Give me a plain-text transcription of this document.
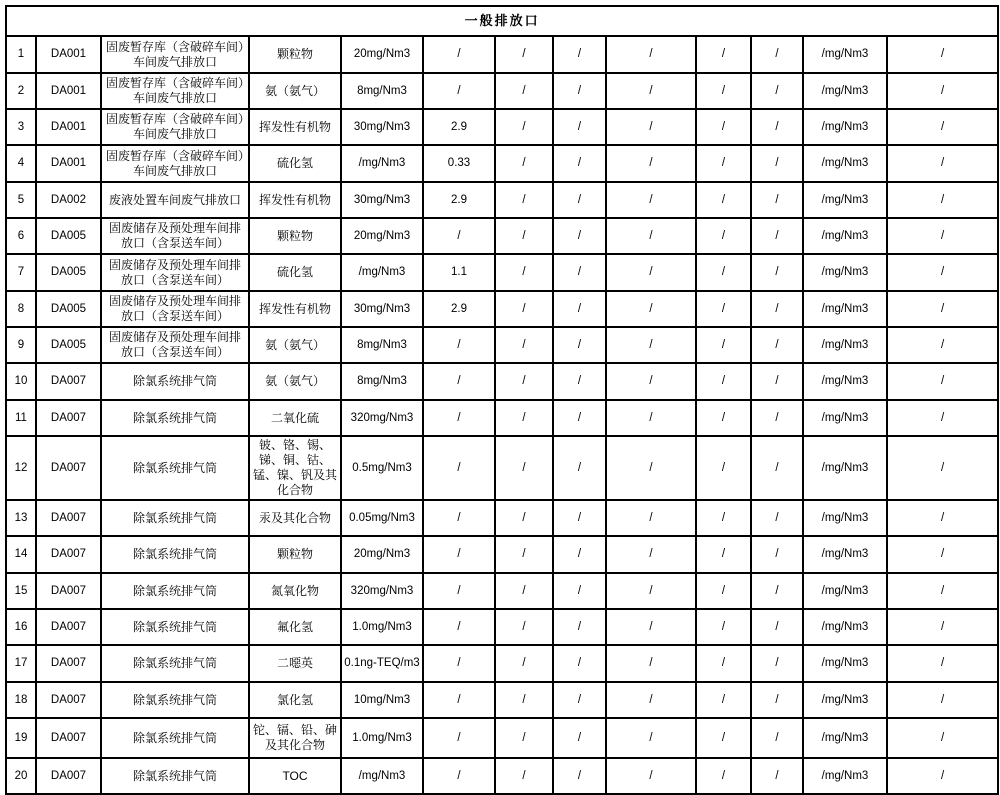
一般排放口												
1	DA001	固废暂存库（含破碎车间）车间废气排放口	颗粒物	20mg/Nm3	/	/	/	/	/	/	/mg/Nm3	/
2	DA001	固废暂存库（含破碎车间）车间废气排放口	氨（氨气）	8mg/Nm3	/	/	/	/	/	/	/mg/Nm3	/
3	DA001	固废暂存库（含破碎车间）车间废气排放口	挥发性有机物	30mg/Nm3	2.9	/	/	/	/	/	/mg/Nm3	/
4	DA001	固废暂存库（含破碎车间）车间废气排放口	硫化氢	/mg/Nm3	0.33	/	/	/	/	/	/mg/Nm3	/
5	DA002	废液处置车间废气排放口	挥发性有机物	30mg/Nm3	2.9	/	/	/	/	/	/mg/Nm3	/
6	DA005	固废储存及预处理车间排放口（含泵送车间）	颗粒物	20mg/Nm3	/	/	/	/	/	/	/mg/Nm3	/
7	DA005	固废储存及预处理车间排放口（含泵送车间）	硫化氢	/mg/Nm3	1.1	/	/	/	/	/	/mg/Nm3	/
8	DA005	固废储存及预处理车间排放口（含泵送车间）	挥发性有机物	30mg/Nm3	2.9	/	/	/	/	/	/mg/Nm3	/
9	DA005	固废储存及预处理车间排放口（含泵送车间）	氨（氨气）	8mg/Nm3	/	/	/	/	/	/	/mg/Nm3	/
10	DA007	除氯系统排气筒	氨（氨气）	8mg/Nm3	/	/	/	/	/	/	/mg/Nm3	/
11	DA007	除氯系统排气筒	二氧化硫	320mg/Nm3	/	/	/	/	/	/	/mg/Nm3	/
12	DA007	除氯系统排气筒	铍、铬、锡、锑、铜、钴、锰、镍、钒及其化合物	0.5mg/Nm3	/	/	/	/	/	/	/mg/Nm3	/
13	DA007	除氯系统排气筒	汞及其化合物	0.05mg/Nm3	/	/	/	/	/	/	/mg/Nm3	/
14	DA007	除氯系统排气筒	颗粒物	20mg/Nm3	/	/	/	/	/	/	/mg/Nm3	/
15	DA007	除氯系统排气筒	氮氧化物	320mg/Nm3	/	/	/	/	/	/	/mg/Nm3	/
16	DA007	除氯系统排气筒	氟化氢	1.0mg/Nm3	/	/	/	/	/	/	/mg/Nm3	/
17	DA007	除氯系统排气筒	二噁英	0.1ng-TEQ/m3	/	/	/	/	/	/	/mg/Nm3	/
18	DA007	除氯系统排气筒	氯化氢	10mg/Nm3	/	/	/	/	/	/	/mg/Nm3	/
19	DA007	除氯系统排气筒	铊、镉、铅、砷及其化合物	1.0mg/Nm3	/	/	/	/	/	/	/mg/Nm3	/
20	DA007	除氯系统排气筒	TOC	/mg/Nm3	/	/	/	/	/	/	/mg/Nm3	/
